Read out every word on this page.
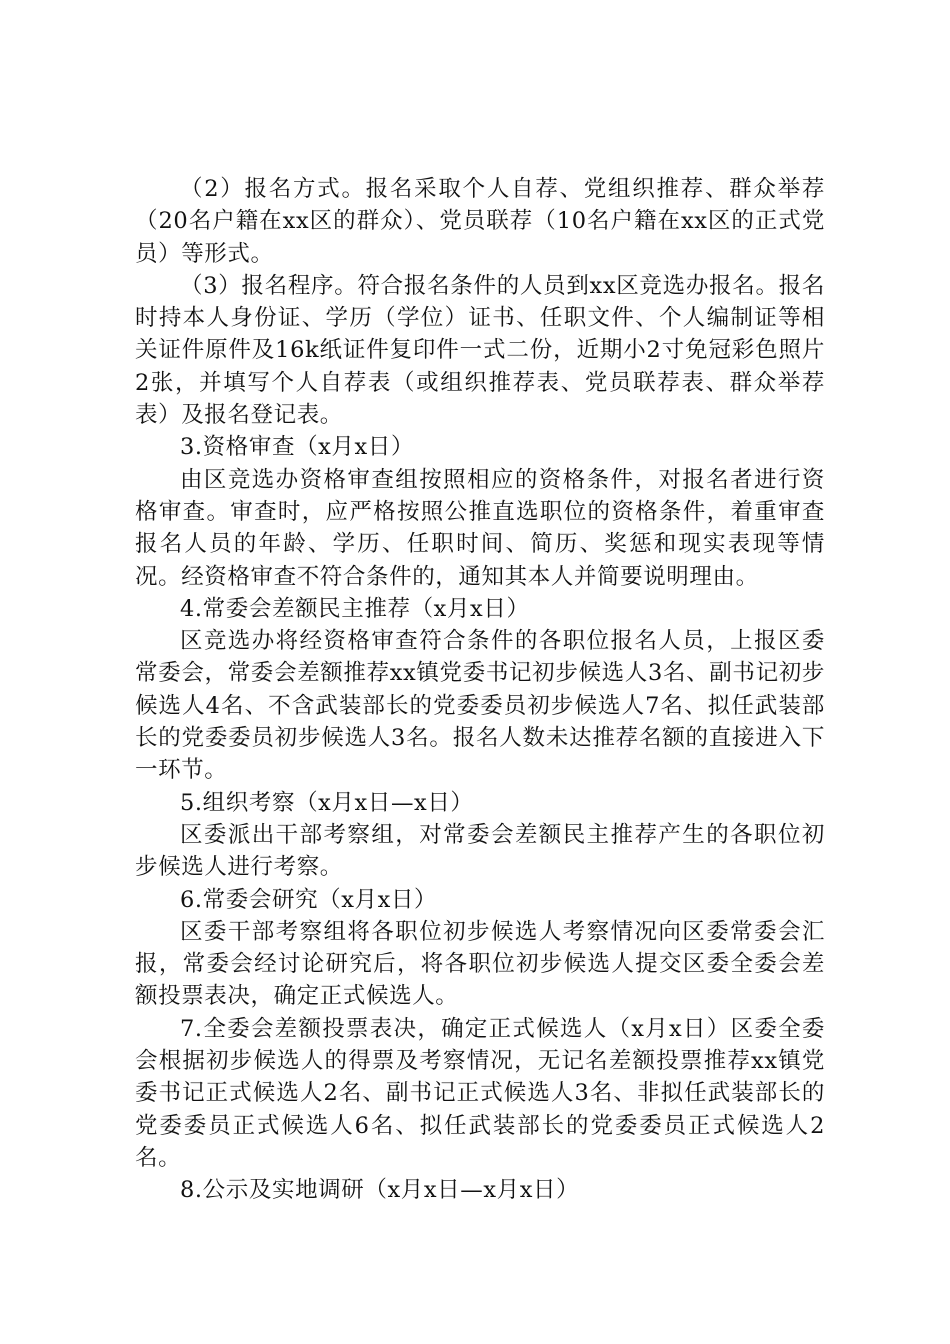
（2）报名方式。报名采取个人自荐、党组织推荐、群众举荐（20名户籍在xx区的群众）、党员联荐（10名户籍在xx区的正式党员）等形式。

（3）报名程序。符合报名条件的人员到xx区竞选办报名。报名时持本人身份证、学历（学位）证书、任职文件、个人编制证等相关证件原件及16k纸证件复印件一式二份，近期小2寸免冠彩色照片2张，并填写个人自荐表（或组织推荐表、党员联荐表、群众举荐表）及报名登记表。

3.资格审查（x月x日）

由区竞选办资格审查组按照相应的资格条件，对报名者进行资格审查。审查时，应严格按照公推直选职位的资格条件，着重审查报名人员的年龄、学历、任职时间、简历、奖惩和现实表现等情况。经资格审查不符合条件的，通知其本人并简要说明理由。

4.常委会差额民主推荐（x月x日）

区竞选办将经资格审查符合条件的各职位报名人员，上报区委常委会，常委会差额推荐xx镇党委书记初步候选人3名、副书记初步候选人4名、不含武装部长的党委委员初步候选人7名、拟任武装部长的党委委员初步候选人3名。报名人数未达推荐名额的直接进入下一环节。

5.组织考察（x月x日—x日）

区委派出干部考察组，对常委会差额民主推荐产生的各职位初步候选人进行考察。

6.常委会研究（x月x日）

区委干部考察组将各职位初步候选人考察情况向区委常委会汇报，常委会经讨论研究后，将各职位初步候选人提交区委全委会差额投票表决，确定正式候选人。

7.全委会差额投票表决，确定正式候选人（x月x日）区委全委会根据初步候选人的得票及考察情况，无记名差额投票推荐xx镇党委书记正式候选人2名、副书记正式候选人3名、非拟任武装部长的党委委员正式候选人6名、拟任武装部长的党委委员正式候选人2名。

8.公示及实地调研（x月x日—x月x日）
